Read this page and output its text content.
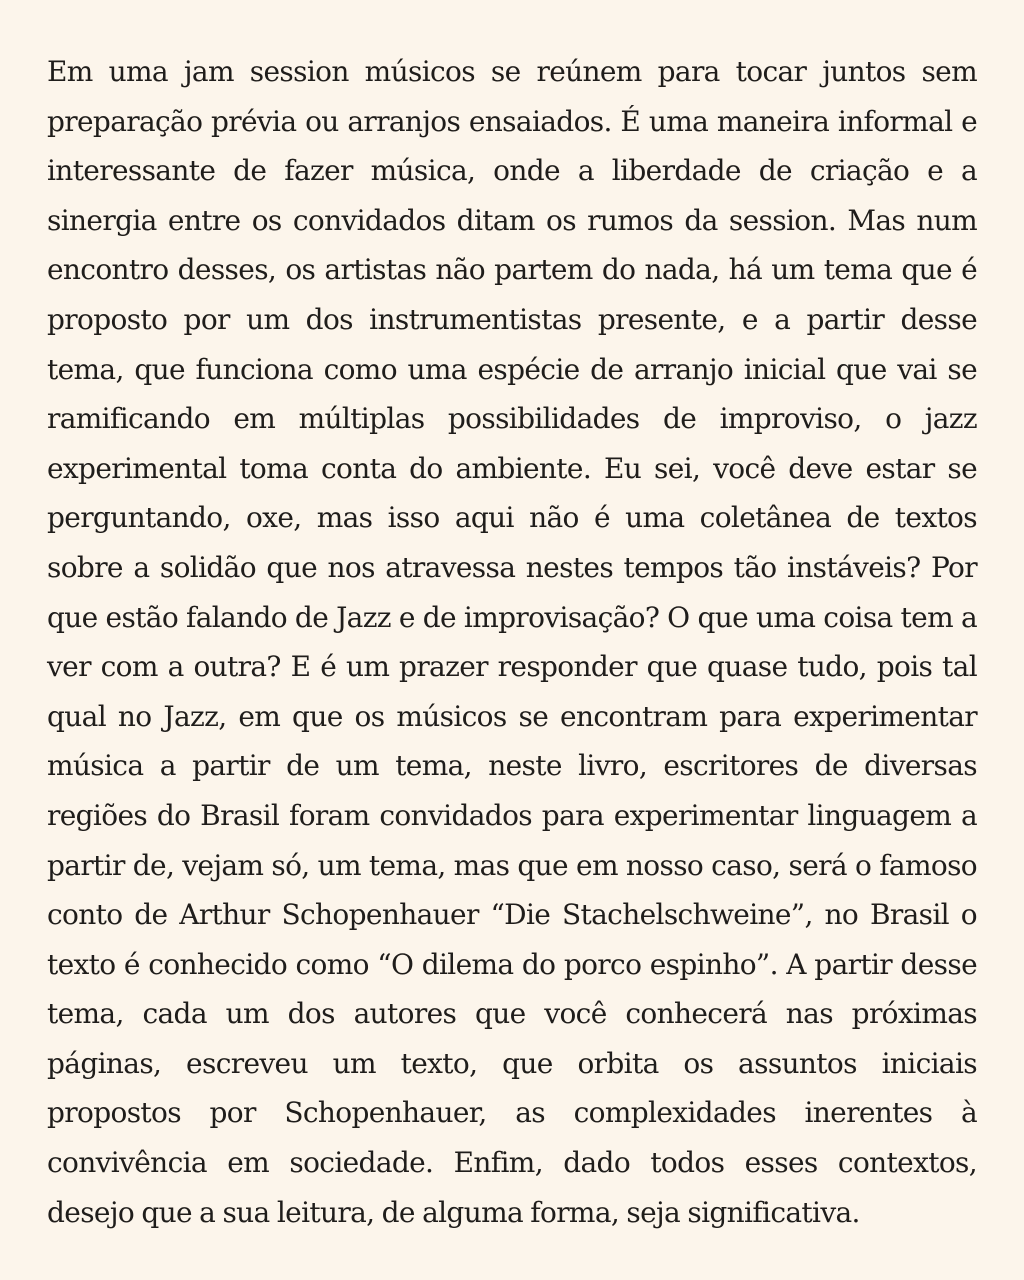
Em uma jam session músicos se reúnem para tocar juntos sem preparação prévia ou arranjos ensaiados. É uma maneira informal e interessante de fazer música, onde a liberdade de criação e a sinergia entre os convidados ditam os rumos da session. Mas num encontro desses, os artistas não partem do nada, há um tema que é proposto por um dos instrumentistas presente, e a partir desse tema, que funciona como uma espécie de arranjo inicial que vai se ramificando em múltiplas possibilidades de improviso, o jazz experimental toma conta do ambiente. Eu sei, você deve estar se perguntando, oxe, mas isso aqui não é uma coletânea de textos sobre a solidão que nos atravessa nestes tempos tão instáveis? Por que estão falando de Jazz e de improvisação? O que uma coisa tem a ver com a outra? E é um prazer responder que quase tudo, pois tal qual no Jazz, em que os músicos se encontram para experimentar música a partir de um tema, neste livro, escritores de diversas regiões do Brasil foram convidados para experimentar linguagem a partir de, vejam só, um tema, mas que em nosso caso, será o famoso conto de Arthur Schopenhauer “Die Stachelschweine”, no Brasil o texto é conhecido como “O dilema do porco espinho”. A partir desse tema, cada um dos autores que você conhecerá nas próximas páginas, escreveu um texto, que orbita os assuntos iniciais propostos por Schopenhauer, as complexidades inerentes à convivência em sociedade. Enfim, dado todos esses contextos, desejo que a sua leitura, de alguma forma, seja significativa.
